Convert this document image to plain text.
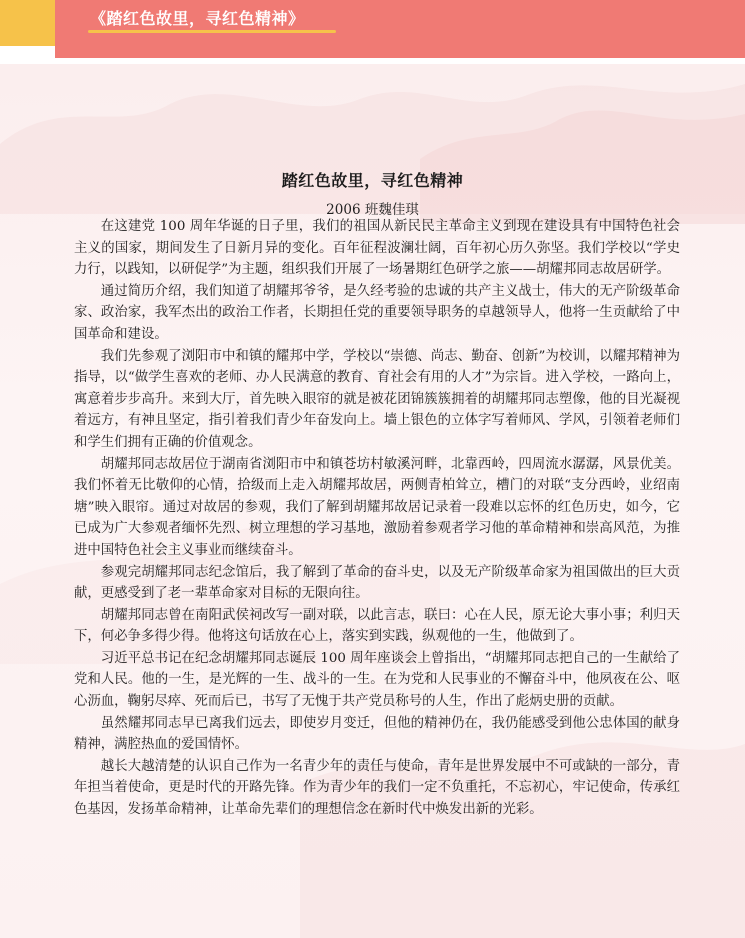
《踏红色故里，寻红色精神》
踏红色故里，寻红色精神
2006 班魏佳琪

在这建党 100 周年华诞的日子里，我们的祖国从新民民主革命主义到现在建设具有中国特色社会主义的国家，期间发生了日新月异的变化。百年征程波澜壮阔，百年初心历久弥坚。我们学校以“学史力行，以践知，以研促学”为主题，组织我们开展了一场暑期红色研学之旅——胡耀邦同志故居研学。

通过简历介绍，我们知道了胡耀邦爷爷，是久经考验的忠诚的共产主义战士，伟大的无产阶级革命家、政治家，我军杰出的政治工作者，长期担任党的重要领导职务的卓越领导人，他将一生贡献给了中国革命和建设。

我们先参观了浏阳市中和镇的耀邦中学，学校以“崇德、尚志、勤奋、创新”为校训，以耀邦精神为指导，以“做学生喜欢的老师、办人民满意的教育、育社会有用的人才”为宗旨。进入学校，一路向上，寓意着步步高升。来到大厅，首先映入眼帘的就是被花团锦簇簇拥着的胡耀邦同志塑像，他的目光凝视着远方，有神且坚定，指引着我们青少年奋发向上。墙上银色的立体字写着师风、学风，引领着老师们和学生们拥有正确的价值观念。

胡耀邦同志故居位于湖南省浏阳市中和镇苍坊村敏溪河畔，北靠西岭，四周流水潺潺，风景优美。我们怀着无比敬仰的心情，拾级而上走入胡耀邦故居，两侧青柏耸立，槽门的对联“支分西岭，业绍南塘”映入眼帘。通过对故居的参观，我们了解到胡耀邦故居记录着一段难以忘怀的红色历史，如今，它已成为广大参观者缅怀先烈、树立理想的学习基地，激励着参观者学习他的革命精神和崇高风范，为推进中国特色社会主义事业而继续奋斗。

参观完胡耀邦同志纪念馆后，我了解到了革命的奋斗史，以及无产阶级革命家为祖国做出的巨大贡献，更感受到了老一辈革命家对目标的无限向往。

胡耀邦同志曾在南阳武侯祠改写一副对联，以此言志，联曰：心在人民，原无论大事小事；利归天下，何必争多得少得。他将这句话放在心上，落实到实践，纵观他的一生，他做到了。

习近平总书记在纪念胡耀邦同志诞辰 100 周年座谈会上曾指出，“胡耀邦同志把自己的一生献给了党和人民。他的一生，是光辉的一生、战斗的一生。在为党和人民事业的不懈奋斗中，他夙夜在公、呕心沥血，鞠躬尽瘁、死而后已，书写了无愧于共产党员称号的人生，作出了彪炳史册的贡献。

虽然耀邦同志早已离我们远去，即使岁月变迁，但他的精神仍在，我仍能感受到他公忠体国的献身精神，满腔热血的爱国情怀。

越长大越清楚的认识自己作为一名青少年的责任与使命，青年是世界发展中不可或缺的一部分，青年担当着使命，更是时代的开路先锋。作为青少年的我们一定不负重托，不忘初心，牢记使命，传承红色基因，发扬革命精神，让革命先辈们的理想信念在新时代中焕发出新的光彩。
